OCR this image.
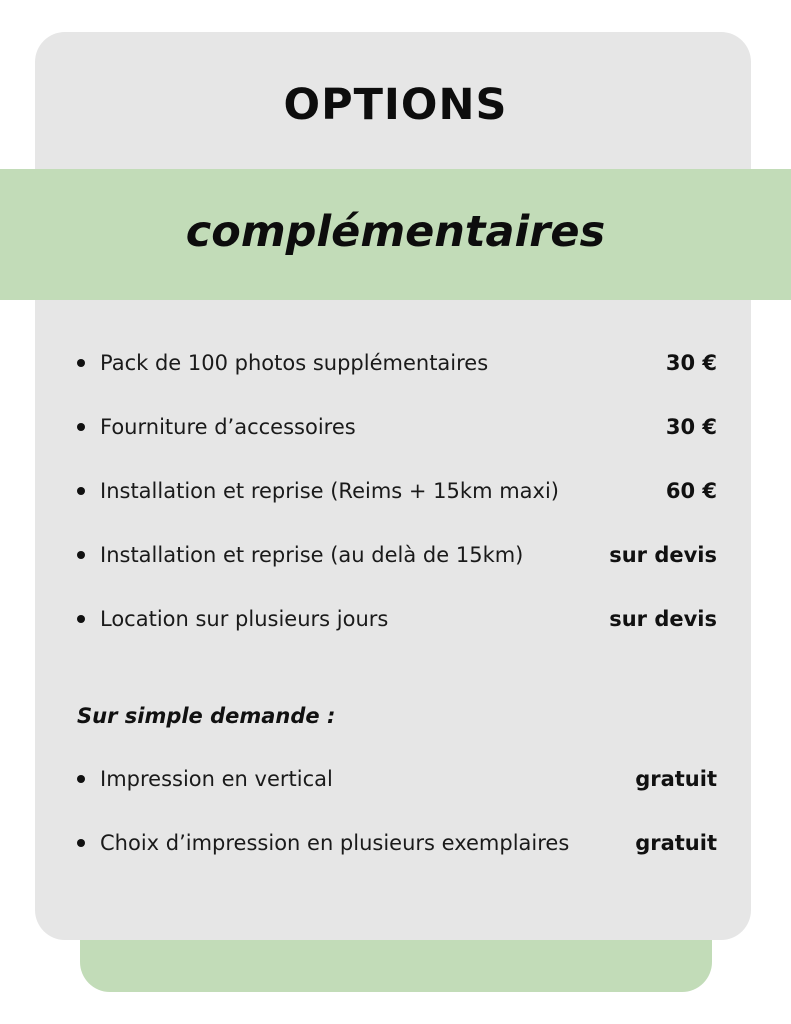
OPTIONS
complémentaires
Pack de 100 photos supplémentaires	30 €
Fourniture d’accessoires	30 €
Installation et reprise (Reims + 15km maxi)	60 €
Installation et reprise (au delà de 15km)	sur devis
Location sur plusieurs jours	sur devis
Sur simple demande :
Impression en vertical	gratuit
Choix d’impression en plusieurs exemplaires	gratuit
